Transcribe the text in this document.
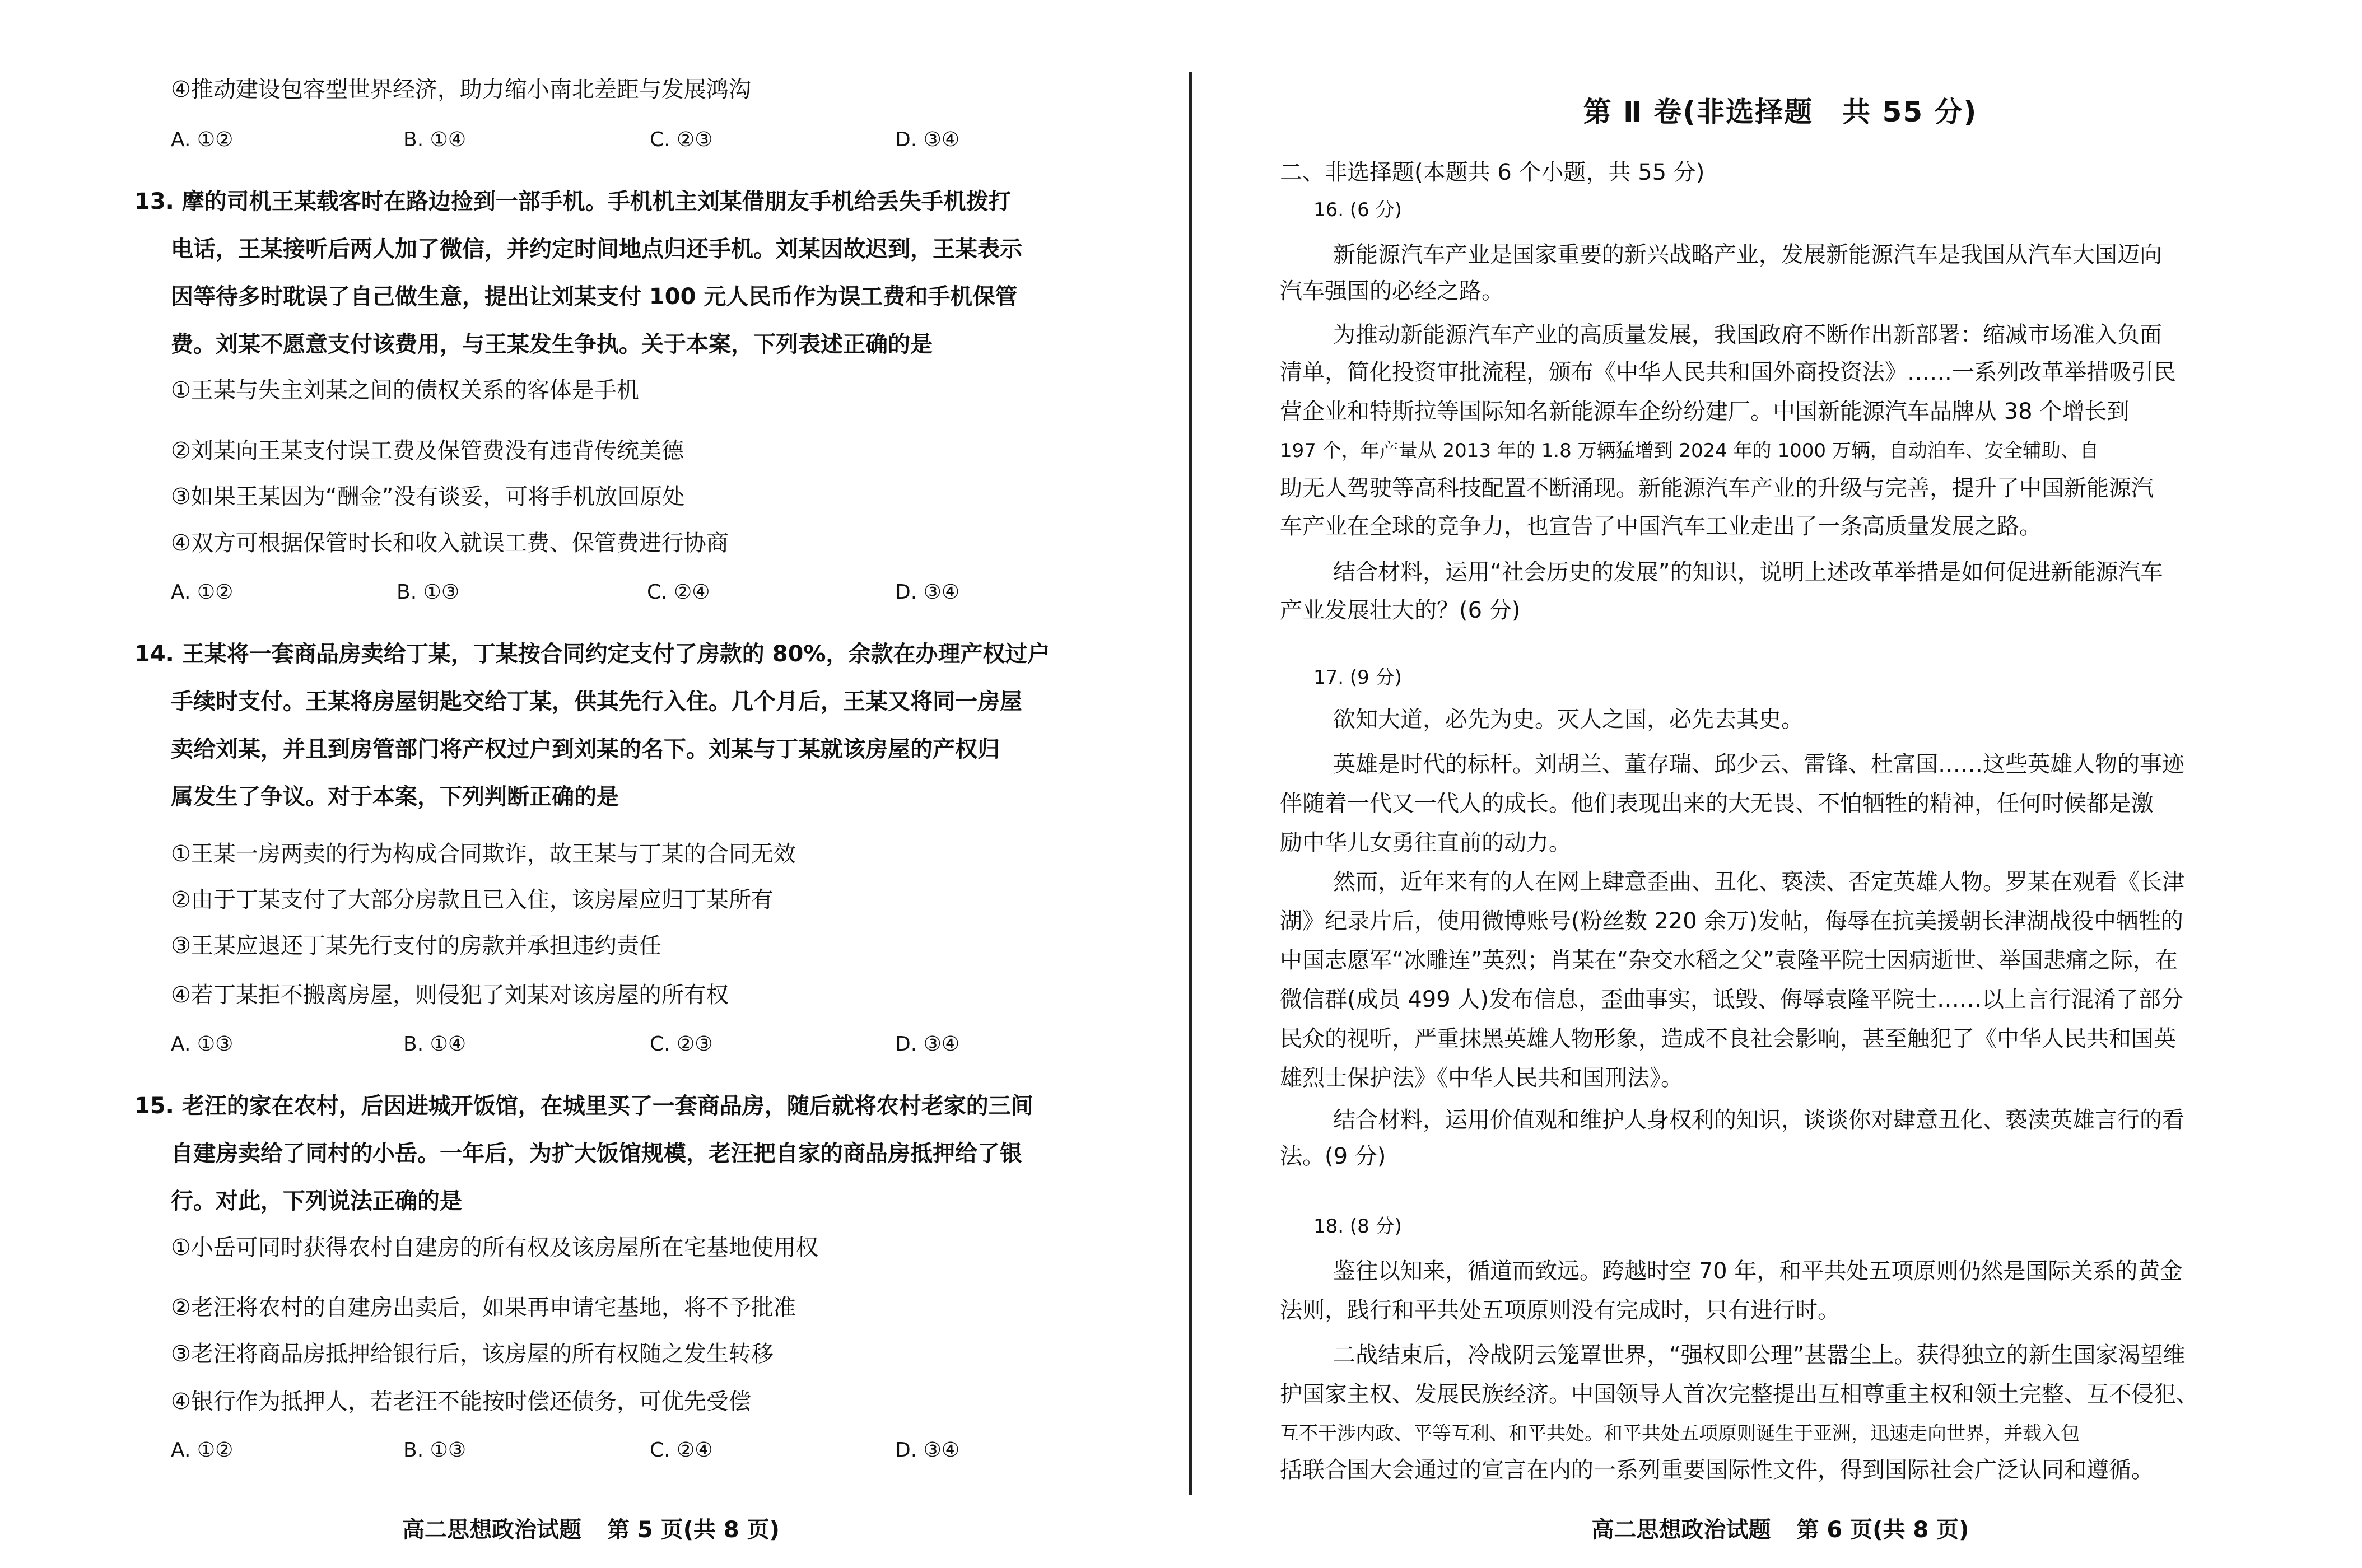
④推动建设包容型世界经济，助力缩小南北差距与发展鸿沟
A. ①②	B. ①④	C. ②③	D. ③④
13. 摩的司机王某载客时在路边捡到一部手机。手机机主刘某借朋友手机给丢失手机拨打
电话，王某接听后两人加了微信，并约定时间地点归还手机。刘某因故迟到，王某表示
因等待多时耽误了自己做生意，提出让刘某支付 100 元人民币作为误工费和手机保管
费。刘某不愿意支付该费用，与王某发生争执。关于本案，下列表述正确的是
①王某与失主刘某之间的债权关系的客体是手机
②刘某向王某支付误工费及保管费没有违背传统美德
③如果王某因为“酬金”没有谈妥，可将手机放回原处
④双方可根据保管时长和收入就误工费、保管费进行协商
A. ①②	B. ①③	C. ②④	D. ③④
14. 王某将一套商品房卖给丁某，丁某按合同约定支付了房款的 80%，余款在办理产权过户
手续时支付。王某将房屋钥匙交给丁某，供其先行入住。几个月后，王某又将同一房屋
卖给刘某，并且到房管部门将产权过户到刘某的名下。刘某与丁某就该房屋的产权归
属发生了争议。对于本案，下列判断正确的是
①王某一房两卖的行为构成合同欺诈，故王某与丁某的合同无效
②由于丁某支付了大部分房款且已入住，该房屋应归丁某所有
③王某应退还丁某先行支付的房款并承担违约责任
④若丁某拒不搬离房屋，则侵犯了刘某对该房屋的所有权
A. ①③	B. ①④	C. ②③	D. ③④
15. 老汪的家在农村，后因进城开饭馆，在城里买了一套商品房，随后就将农村老家的三间
自建房卖给了同村的小岳。一年后，为扩大饭馆规模，老汪把自家的商品房抵押给了银
行。对此，下列说法正确的是
①小岳可同时获得农村自建房的所有权及该房屋所在宅基地使用权
②老汪将农村的自建房出卖后，如果再申请宅基地，将不予批准
③老汪将商品房抵押给银行后，该房屋的所有权随之发生转移
④银行作为抵押人，若老汪不能按时偿还债务，可优先受偿
A. ①②	B. ①③	C. ②④	D. ③④
高二思想政治试题 第 5 页(共 8 页)
第 Ⅱ 卷(非选择题　共 55 分)
二、非选择题(本题共 6 个小题，共 55 分)
16. (6 分)
新能源汽车产业是国家重要的新兴战略产业，发展新能源汽车是我国从汽车大国迈向
汽车强国的必经之路。
为推动新能源汽车产业的高质量发展，我国政府不断作出新部署：缩减市场准入负面
清单，简化投资审批流程，颁布《中华人民共和国外商投资法》……一系列改革举措吸引民
营企业和特斯拉等国际知名新能源车企纷纷建厂。中国新能源汽车品牌从 38 个增长到
197 个，年产量从 2013 年的 1.8 万辆猛增到 2024 年的 1000 万辆，自动泊车、安全辅助、自
助无人驾驶等高科技配置不断涌现。新能源汽车产业的升级与完善，提升了中国新能源汽
车产业在全球的竞争力，也宣告了中国汽车工业走出了一条高质量发展之路。
结合材料，运用“社会历史的发展”的知识，说明上述改革举措是如何促进新能源汽车
产业发展壮大的？(6 分)
17. (9 分)
欲知大道，必先为史。灭人之国，必先去其史。
英雄是时代的标杆。刘胡兰、董存瑞、邱少云、雷锋、杜富国……这些英雄人物的事迹
伴随着一代又一代人的成长。他们表现出来的大无畏、不怕牺牲的精神，任何时候都是激
励中华儿女勇往直前的动力。
然而，近年来有的人在网上肆意歪曲、丑化、亵渎、否定英雄人物。罗某在观看《长津
湖》纪录片后，使用微博账号(粉丝数 220 余万)发帖，侮辱在抗美援朝长津湖战役中牺牲的
中国志愿军“冰雕连”英烈；肖某在“杂交水稻之父”袁隆平院士因病逝世、举国悲痛之际，在
微信群(成员 499 人)发布信息，歪曲事实，诋毁、侮辱袁隆平院士……以上言行混淆了部分
民众的视听，严重抹黑英雄人物形象，造成不良社会影响，甚至触犯了《中华人民共和国英
雄烈士保护法》《中华人民共和国刑法》。
结合材料，运用价值观和维护人身权利的知识，谈谈你对肆意丑化、亵渎英雄言行的看
法。(9 分)
18. (8 分)
鉴往以知来，循道而致远。跨越时空 70 年，和平共处五项原则仍然是国际关系的黄金
法则，践行和平共处五项原则没有完成时，只有进行时。
二战结束后，冷战阴云笼罩世界，“强权即公理”甚嚣尘上。获得独立的新生国家渴望维
护国家主权、发展民族经济。中国领导人首次完整提出互相尊重主权和领土完整、互不侵犯、
互不干涉内政、平等互利、和平共处。和平共处五项原则诞生于亚洲，迅速走向世界，并载入包
括联合国大会通过的宣言在内的一系列重要国际性文件，得到国际社会广泛认同和遵循。
高二思想政治试题 第 6 页(共 8 页)
